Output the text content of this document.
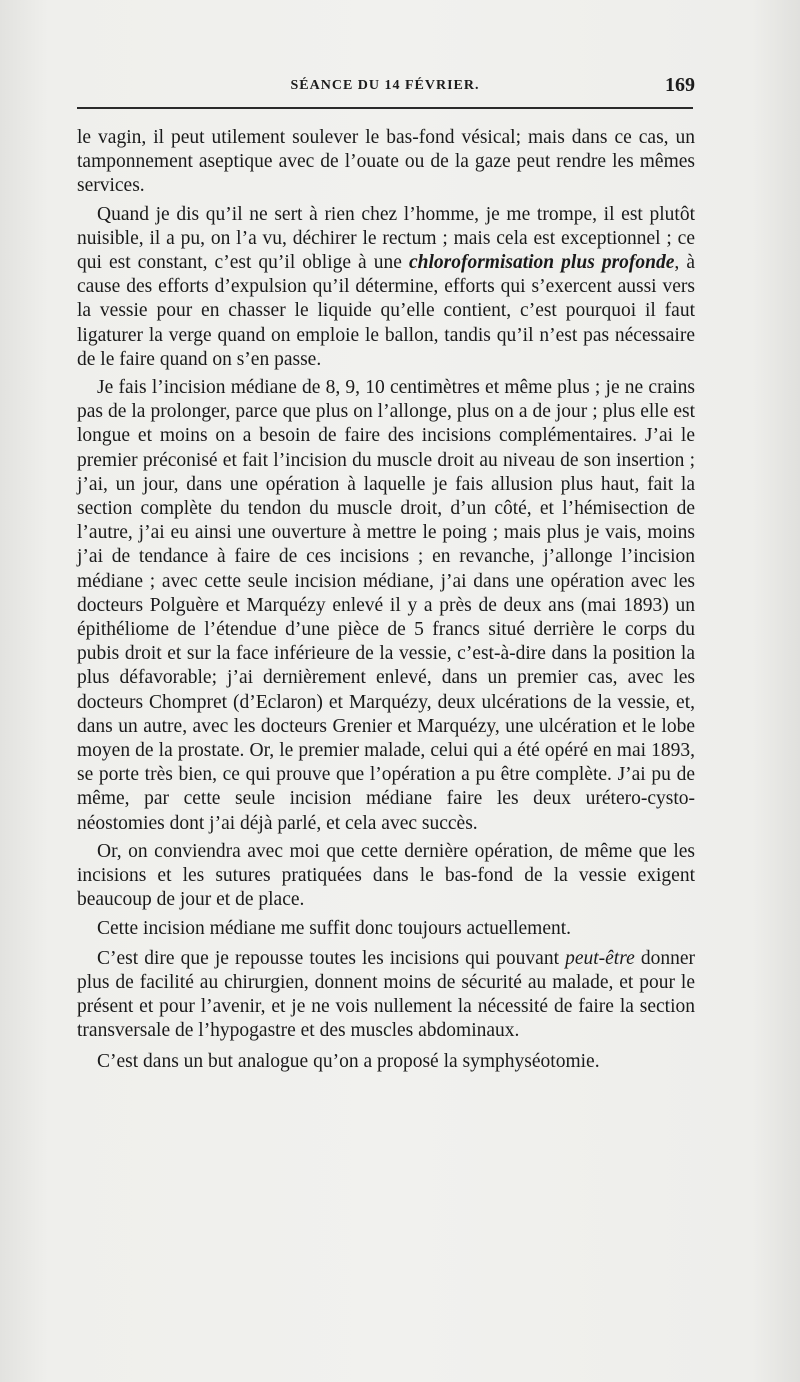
SÉANCE DU 14 FÉVRIER.	169

le vagin, il peut utilement soulever le bas-fond vésical; mais dans ce cas, un tamponnement aseptique avec de l’ouate ou de la gaze peut rendre les mêmes services.

Quand je dis qu’il ne sert à rien chez l’homme, je me trompe, il est plutôt nuisible, il a pu, on l’a vu, déchirer le rectum ; mais cela est exceptionnel ; ce qui est constant, c’est qu’il oblige à une chloroformisation plus profonde, à cause des efforts d’expulsion qu’il détermine, efforts qui s’exercent aussi vers la vessie pour en chasser le liquide qu’elle contient, c’est pourquoi il faut ligaturer la verge quand on emploie le ballon, tandis qu’il n’est pas nécessaire de le faire quand on s’en passe.

Je fais l’incision médiane de 8, 9, 10 centimètres et même plus ; je ne crains pas de la prolonger, parce que plus on l’allonge, plus on a de jour ; plus elle est longue et moins on a besoin de faire des incisions complémentaires. J’ai le premier préconisé et fait l’incision du muscle droit au niveau de son insertion ; j’ai, un jour, dans une opération à laquelle je fais allusion plus haut, fait la section complète du tendon du muscle droit, d’un côté, et l’hémisection de l’autre, j’ai eu ainsi une ouverture à mettre le poing ; mais plus je vais, moins j’ai de tendance à faire de ces incisions ; en revanche, j’allonge l’incision médiane ; avec cette seule incision médiane, j’ai dans une opération avec les docteurs Polguère et Marquézy enlevé il y a près de deux ans (mai 1893) un épithéliome de l’étendue d’une pièce de 5 francs situé derrière le corps du pubis droit et sur la face inférieure de la vessie, c’est-à-dire dans la position la plus défavorable; j’ai dernièrement enlevé, dans un premier cas, avec les docteurs Chompret (d’Eclaron) et Marquézy, deux ulcérations de la vessie, et, dans un autre, avec les docteurs Grenier et Marquézy, une ulcération et le lobe moyen de la prostate. Or, le premier malade, celui qui a été opéré en mai 1893, se porte très bien, ce qui prouve que l’opération a pu être complète. J’ai pu de même, par cette seule incision médiane faire les deux urétero-cysto-néostomies dont j’ai déjà parlé, et cela avec succès.

Or, on conviendra avec moi que cette dernière opération, de même que les incisions et les sutures pratiquées dans le bas-fond de la vessie exigent beaucoup de jour et de place.

Cette incision médiane me suffit donc toujours actuellement.

C’est dire que je repousse toutes les incisions qui pouvant peut-être donner plus de facilité au chirurgien, donnent moins de sécurité au malade, et pour le présent et pour l’avenir, et je ne vois nullement la nécessité de faire la section transversale de l’hypogastre et des muscles abdominaux.

C’est dans un but analogue qu’on a proposé la symphyséotomie.
